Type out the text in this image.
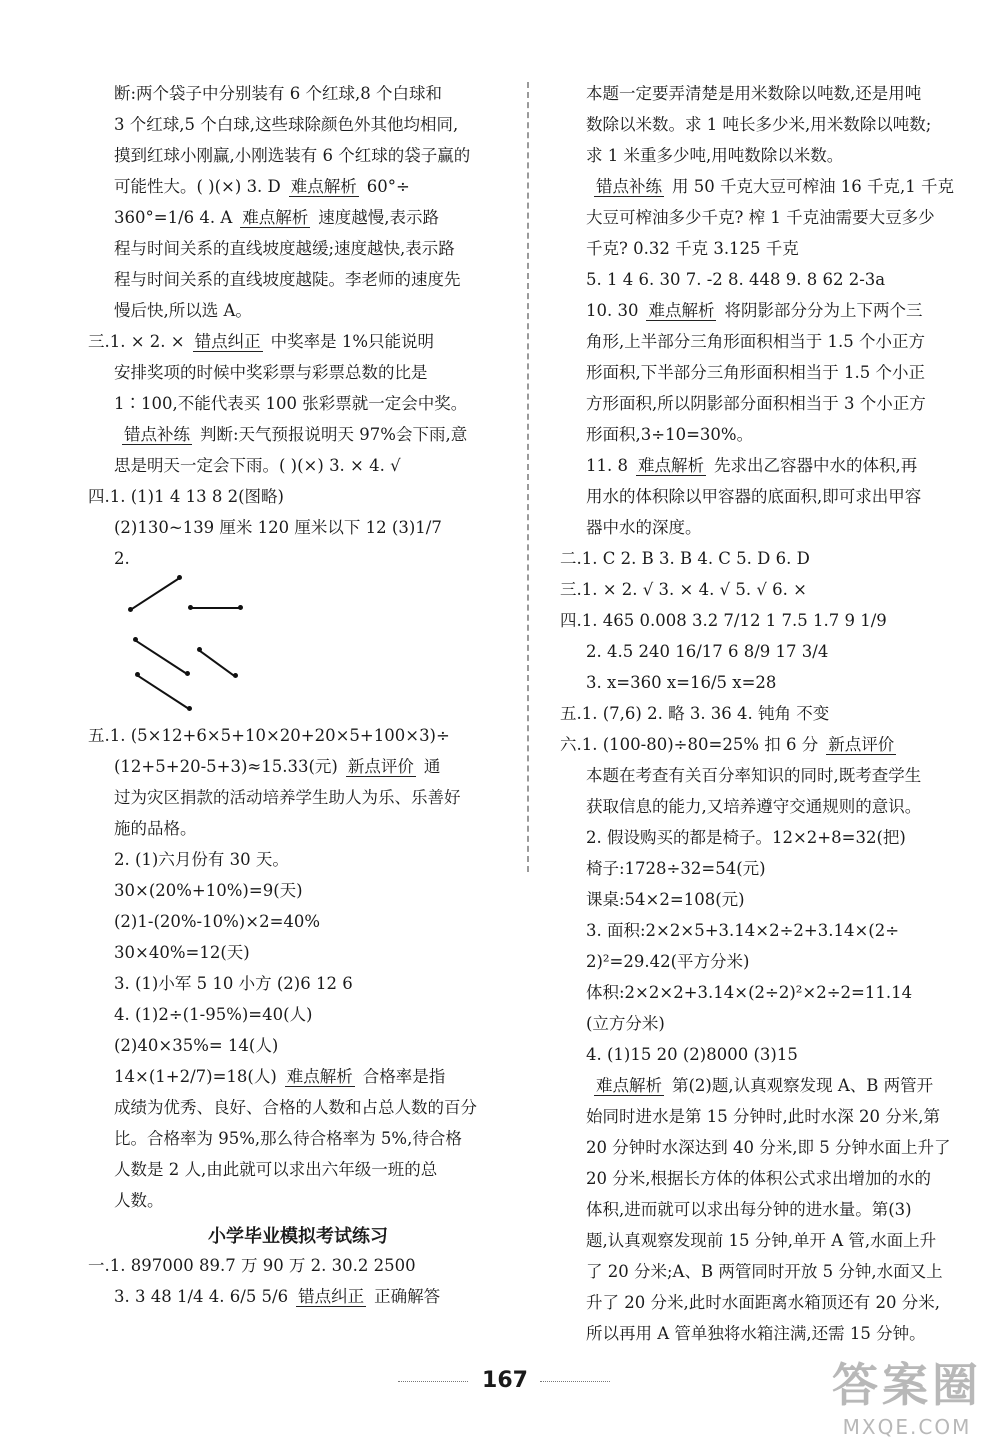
断:两个袋子中分别装有 6 个红球,8 个白球和
3 个红球,5 个白球,这些球除颜色外其他均相同,
摸到红球小刚赢,小刚选装有 6 个红球的袋子赢的
可能性大。( )(×) 3. D 难点解析 60°÷
360°=1/6 4. A 难点解析 速度越慢,表示路
程与时间关系的直线坡度越缓;速度越快,表示路
程与时间关系的直线坡度越陡。李老师的速度先
慢后快,所以选 A。
三.1. × 2. × 错点纠正 中奖率是 1%只能说明
安排奖项的时候中奖彩票与彩票总数的比是
1∶100,不能代表买 100 张彩票就一定会中奖。
错点补练 判断:天气预报说明天 97%会下雨,意
思是明天一定会下雨。( )(×) 3. × 4. √
四.1. (1)1 4 13 8 2(图略)
(2)130~139 厘米 120 厘米以下 12 (3)1/7
2.
五.1. (5×12+6×5+10×20+20×5+100×3)÷
(12+5+20-5+3)≈15.33(元) 新点评价 通
过为灾区捐款的活动培养学生助人为乐、乐善好
施的品格。
2. (1)六月份有 30 天。
30×(20%+10%)=9(天)
(2)1-(20%-10%)×2=40%
30×40%=12(天)
3. (1)小军 5 10 小方 (2)6 12 6
4. (1)2÷(1-95%)=40(人)
(2)40×35%= 14(人)
14×(1+2/7)=18(人) 难点解析 合格率是指
成绩为优秀、良好、合格的人数和占总人数的百分
比。合格率为 95%,那么待合格率为 5%,待合格
人数是 2 人,由此就可以求出六年级一班的总
人数。
小学毕业模拟考试练习
一.1. 897000 89.7 万 90 万 2. 30.2 2500
3. 3 48 1/4 4. 6/5 5/6 错点纠正 正确解答
本题一定要弄清楚是用米数除以吨数,还是用吨
数除以米数。求 1 吨长多少米,用米数除以吨数;
求 1 米重多少吨,用吨数除以米数。
错点补练 用 50 千克大豆可榨油 16 千克,1 千克
大豆可榨油多少千克? 榨 1 千克油需要大豆多少
千克? 0.32 千克 3.125 千克
5. 1 4 6. 30 7. -2 8. 448 9. 8 62 2-3a
10. 30 难点解析 将阴影部分分为上下两个三
角形,上半部分三角形面积相当于 1.5 个小正方
形面积,下半部分三角形面积相当于 1.5 个小正
方形面积,所以阴影部分面积相当于 3 个小正方
形面积,3÷10=30%。
11. 8 难点解析 先求出乙容器中水的体积,再
用水的体积除以甲容器的底面积,即可求出甲容
器中水的深度。
二.1. C 2. B 3. B 4. C 5. D 6. D
三.1. × 2. √ 3. × 4. √ 5. √ 6. ×
四.1. 465 0.008 3.2 7/12 1 7.5 1.7 9 1/9
2. 4.5 240 16/17 6 8/9 17 3/4
3. x=360 x=16/5 x=28
五.1. (7,6) 2. 略 3. 36 4. 钝角 不变
六.1. (100-80)÷80=25% 扣 6 分 新点评价
本题在考查有关百分率知识的同时,既考查学生
获取信息的能力,又培养遵守交通规则的意识。
2. 假设购买的都是椅子。12×2+8=32(把)
椅子:1728÷32=54(元)
课桌:54×2=108(元)
3. 面积:2×2×5+3.14×2÷2+3.14×(2÷
2)²=29.42(平方分米)
体积:2×2×2+3.14×(2÷2)²×2÷2=11.14
(立方分米)
4. (1)15 20 (2)8000 (3)15
难点解析 第(2)题,认真观察发现 A、B 两管开
始同时进水是第 15 分钟时,此时水深 20 分米,第
20 分钟时水深达到 40 分米,即 5 分钟水面上升了
20 分米,根据长方体的体积公式求出增加的水的
体积,进而就可以求出每分钟的进水量。第(3)
题,认真观察发现前 15 分钟,单开 A 管,水面上升
了 20 分米;A、B 两管同时开放 5 分钟,水面又上
升了 20 分米,此时水面距离水箱顶还有 20 分米,
所以再用 A 管单独将水箱注满,还需 15 分钟。
167	答案圈
MXQE.COM
